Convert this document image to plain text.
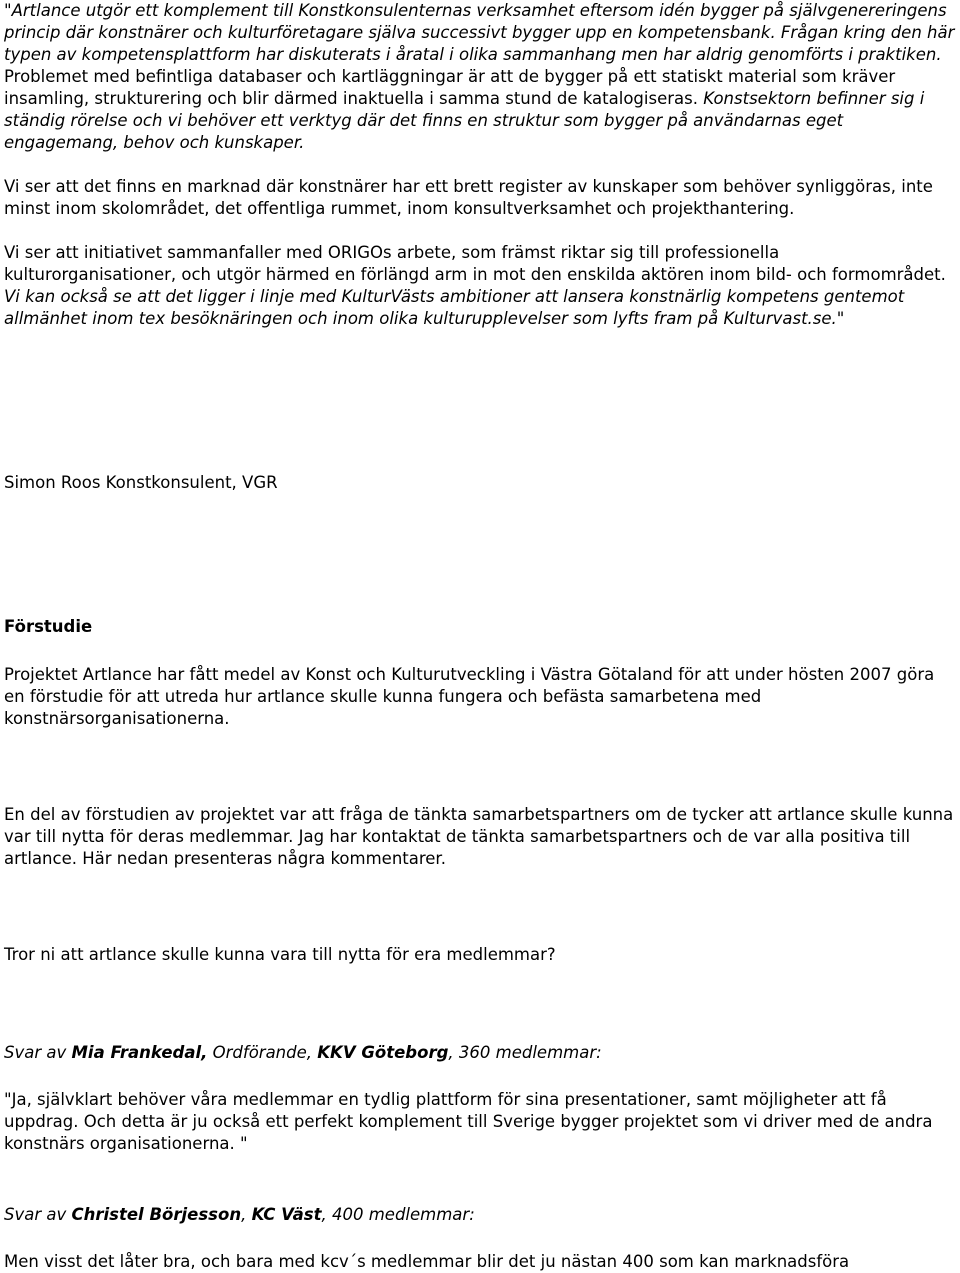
"Artlance utgör ett komplement till Konstkonsulenternas verksamhet eftersom idén bygger på självgenereringens princip där konstnärer och kulturföretagare själva successivt bygger upp en kompetensbank. Frågan kring den här typen av kompetensplattform har diskuterats i åratal i olika sammanhang men har aldrig genomförts i praktiken. Problemet med befintliga databaser och kartläggningar är att de bygger på ett statiskt material som kräver insamling, strukturering och blir därmed inaktuella i samma stund de katalogiseras. Konstsektorn befinner sig i ständig rörelse och vi behöver ett verktyg där det finns en struktur som bygger på användarnas eget engagemang, behov och kunskaper.

Vi ser att det finns en marknad där konstnärer har ett brett register av kunskaper som behöver synliggöras, inte minst inom skolområdet, det offentliga rummet, inom konsultverksamhet och projekthantering.

Vi ser att initiativet sammanfaller med ORIGOs arbete, som främst riktar sig till professionella kulturorganisationer, och utgör härmed en förlängd arm in mot den enskilda aktören inom bild- och formområdet. Vi kan också se att det ligger i linje med KulturVästs ambitioner att lansera konstnärlig kompetens gentemot allmänhet inom tex besöknäringen och inom olika kulturupplevelser som lyfts fram på Kulturvast.se."

Simon Roos Konstkonsulent, VGR

Förstudie

Projektet Artlance har fått medel av Konst och Kulturutveckling i Västra Götaland för att under hösten 2007 göra en förstudie för att utreda hur artlance skulle kunna fungera och befästa samarbetena med konstnärsorganisationerna.

En del av förstudien av projektet var att fråga de tänkta samarbetspartners om de tycker att artlance skulle kunna var till nytta för deras medlemmar. Jag har kontaktat de tänkta samarbetspartners och de var alla positiva till artlance. Här nedan presenteras några kommentarer.

Tror ni att artlance skulle kunna vara till nytta för era medlemmar?

Svar av Mia Frankedal, Ordförande, KKV Göteborg, 360 medlemmar:

"Ja, självklart behöver våra medlemmar en tydlig plattform för sina presentationer, samt möjligheter att få uppdrag. Och detta är ju också ett perfekt komplement till Sverige bygger projektet som vi driver med de andra konstnärs organisationerna. "

Svar av Christel Börjesson, KC Väst, 400 medlemmar:

Men visst det låter bra, och bara med kcv´s medlemmar blir det ju nästan 400 som kan marknadsföra
